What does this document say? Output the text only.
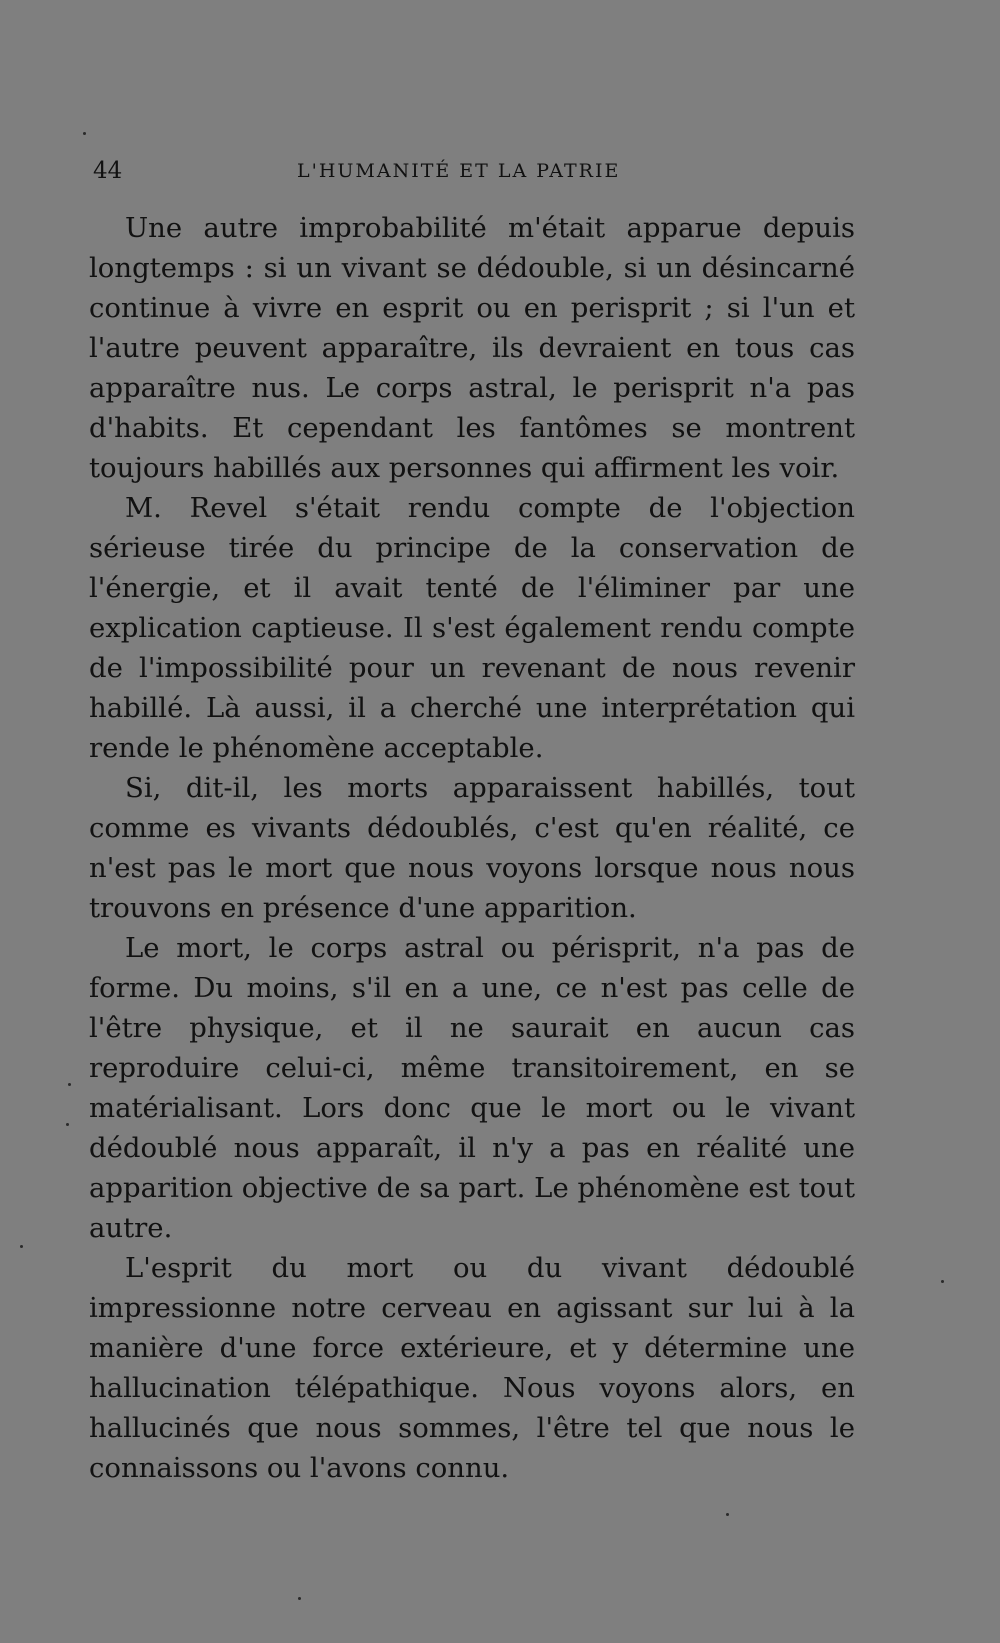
44	L'HUMANITÉ ET LA PATRIE

Une autre improbabilité m'était apparue depuis longtemps : si un vivant se dédouble, si un désincarné continue à vivre en esprit ou en perisprit ; si l'un et l'autre peuvent apparaître, ils devraient en tous cas apparaître nus. Le corps astral, le perisprit n'a pas d'habits. Et cependant les fantômes se montrent toujours habillés aux personnes qui affirment les voir.

M. Revel s'était rendu compte de l'objection sérieuse tirée du principe de la conservation de l'énergie, et il avait tenté de l'éliminer par une explication captieuse. Il s'est également rendu compte de l'impossibilité pour un revenant de nous revenir habillé. Là aussi, il a cherché une interprétation qui rende le phénomène acceptable.

Si, dit-il, les morts apparaissent habillés, tout comme es vivants dédoublés, c'est qu'en réalité, ce n'est pas le mort que nous voyons lorsque nous nous trouvons en présence d'une apparition.

Le mort, le corps astral ou périsprit, n'a pas de forme. Du moins, s'il en a une, ce n'est pas celle de l'être physique, et il ne saurait en aucun cas reproduire celui-ci, même transitoirement, en se matérialisant. Lors donc que le mort ou le vivant dédoublé nous apparaît, il n'y a pas en réalité une apparition objective de sa part. Le phénomène est tout autre.

L'esprit du mort ou du vivant dédoublé impressionne notre cerveau en agissant sur lui à la manière d'une force extérieure, et y détermine une hallucination télépathique. Nous voyons alors, en hallucinés que nous sommes, l'être tel que nous le connaissons ou l'avons connu.
